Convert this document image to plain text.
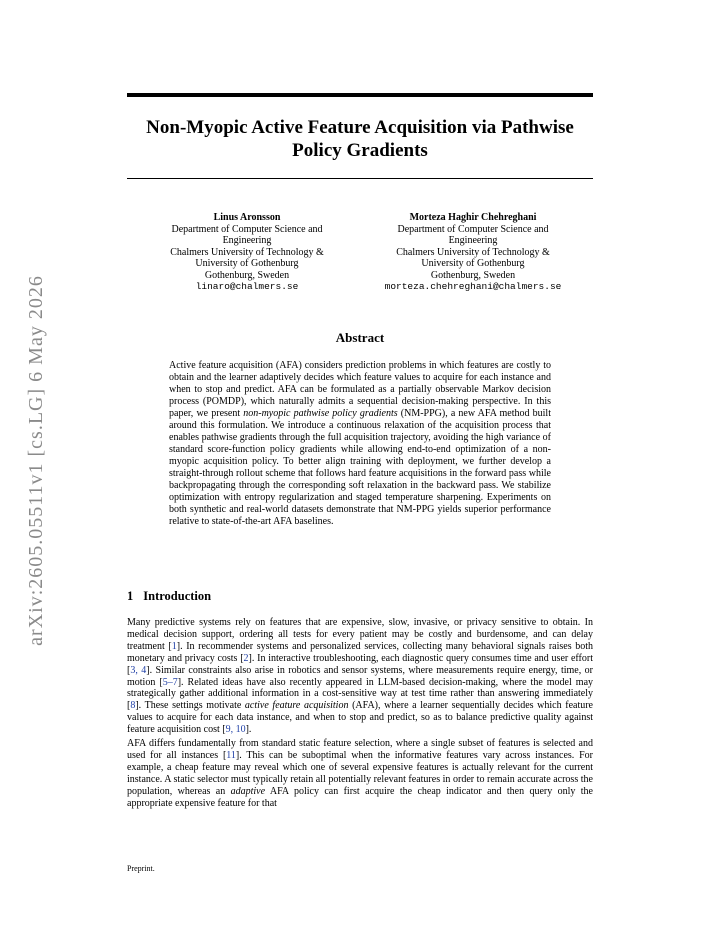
arXiv:2605.05511v1 [cs.LG] 6 May 2026
Non-Myopic Active Feature Acquisition via Pathwise Policy Gradients
Linus Aronsson
Department of Computer Science and Engineering
Chalmers University of Technology &
University of Gothenburg
Gothenburg, Sweden
linaro@chalmers.se
Morteza Haghir Chehreghani
Department of Computer Science and Engineering
Chalmers University of Technology &
University of Gothenburg
Gothenburg, Sweden
morteza.chehreghani@chalmers.se
Abstract

Active feature acquisition (AFA) considers prediction problems in which features are costly to obtain and the learner adaptively decides which feature values to acquire for each instance and when to stop and predict. AFA can be formulated as a partially observable Markov decision process (POMDP), which naturally admits a sequential decision-making perspective. In this paper, we present non-myopic pathwise policy gradients (NM-PPG), a new AFA method built around this formulation. We introduce a continuous relaxation of the acquisition process that enables pathwise gradients through the full acquisition trajectory, avoiding the high variance of standard score-function policy gradients while allowing end-to-end optimization of a non-myopic acquisition policy. To better align training with deployment, we further develop a straight-through rollout scheme that follows hard feature acquisitions in the forward pass while backpropagating through the corresponding soft relaxation in the backward pass. We stabilize optimization with entropy regularization and staged temperature sharpening. Experiments on both synthetic and real-world datasets demonstrate that NM-PPG yields superior performance relative to state-of-the-art AFA baselines.

1 Introduction

Many predictive systems rely on features that are expensive, slow, invasive, or privacy sensitive to obtain. In medical decision support, ordering all tests for every patient may be costly and burdensome, and can delay treatment [1]. In recommender systems and personalized services, collecting many behavioral signals raises both monetary and privacy costs [2]. In interactive troubleshooting, each diagnostic query consumes time and user effort [3, 4]. Similar constraints also arise in robotics and sensor systems, where measurements require energy, time, or motion [5–7]. Related ideas have also recently appeared in LLM-based decision-making, where the model may strategically gather additional information in a cost-sensitive way at test time rather than answering immediately [8]. These settings motivate active feature acquisition (AFA), where a learner sequentially decides which feature values to acquire for each data instance, and when to stop and predict, so as to balance predictive quality against feature acquisition cost [9, 10].

AFA differs fundamentally from standard static feature selection, where a single subset of features is selected and used for all instances [11]. This can be suboptimal when the informative features vary across instances. For example, a cheap feature may reveal which one of several expensive features is actually relevant for the current instance. A static selector must typically retain all potentially relevant features in order to remain accurate across the population, whereas an adaptive AFA policy can first acquire the cheap indicator and then query only the appropriate expensive feature for that

Preprint.
